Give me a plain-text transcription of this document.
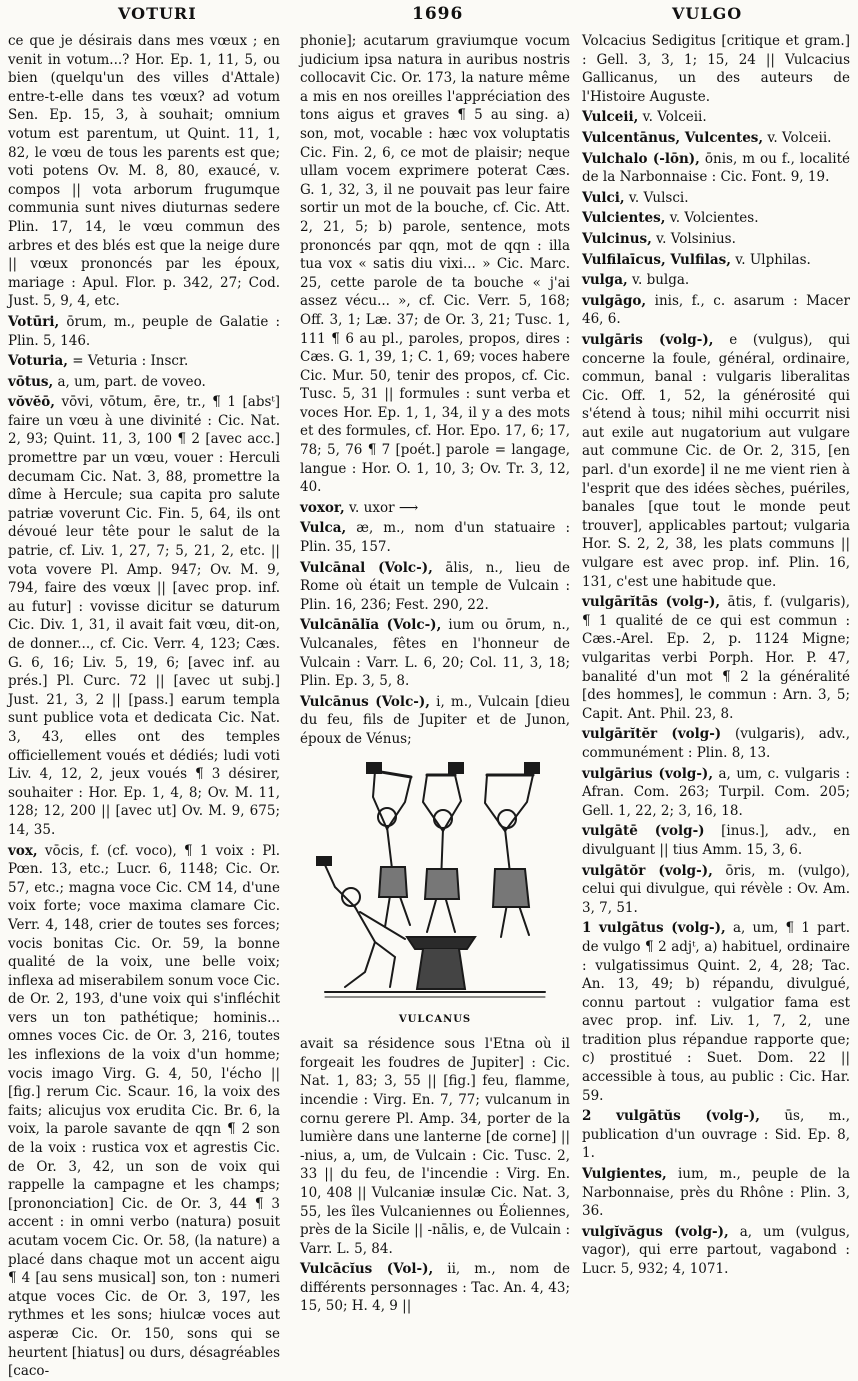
VOTURI	1696	VULGO
ce que je désirais dans mes vœux ; en venit in votum...? Hor. Ep. 1, 11, 5, ou bien (quelqu'un des villes d'Attale) entre-t-elle dans tes vœux? ad votum Sen. Ep. 15, 3, à souhait; omnium votum est parentum, ut Quint. 11, 1, 82, le vœu de tous les parents est que; voti potens Ov. M. 8, 80, exaucé, v. compos || vota arborum frugumque communia sunt nives diuturnas sedere Plin. 17, 14, le vœu commun des arbres et des blés est que la neige dure || vœux prononcés par les époux, mariage : Apul. Flor. p. 342, 27; Cod. Just. 5, 9, 4, etc.
Votūri, ōrum, m., peuple de Galatie : Plin. 5, 146.
Voturia, = Veturia : Inscr.
vōtus, a, um, part. de voveo.
vŏvĕō, vōvi, vōtum, ēre, tr., ¶ 1 [absᵗ] faire un vœu à une divinité : Cic. Nat. 2, 93; Quint. 11, 3, 100 ¶ 2 [avec acc.] promettre par un vœu, vouer : Herculi decumam Cic. Nat. 3, 88, promettre la dîme à Hercule; sua capita pro salute patriæ voverunt Cic. Fin. 5, 64, ils ont dévoué leur tête pour le salut de la patrie, cf. Liv. 1, 27, 7; 5, 21, 2, etc. || vota vovere Pl. Amp. 947; Ov. M. 9, 794, faire des vœux || [avec prop. inf. au futur] : vovisse dicitur se daturum Cic. Div. 1, 31, il avait fait vœu, dit-on, de donner..., cf. Cic. Verr. 4, 123; Cæs. G. 6, 16; Liv. 5, 19, 6; [avec inf. au prés.] Pl. Curc. 72 || [avec ut subj.] Just. 21, 3, 2 || [pass.] earum templa sunt publice vota et dedicata Cic. Nat. 3, 43, elles ont des temples officiellement voués et dédiés; ludi voti Liv. 4, 12, 2, jeux voués ¶ 3 désirer, souhaiter : Hor. Ep. 1, 4, 8; Ov. M. 11, 128; 12, 200 || [avec ut] Ov. M. 9, 675; 14, 35.
vox, vōcis, f. (cf. voco), ¶ 1 voix : Pl. Pœn. 13, etc.; Lucr. 6, 1148; Cic. Or. 57, etc.; magna voce Cic. CM 14, d'une voix forte; voce maxima clamare Cic. Verr. 4, 148, crier de toutes ses forces; vocis bonitas Cic. Or. 59, la bonne qualité de la voix, une belle voix; inflexa ad miserabilem sonum voce Cic. de Or. 2, 193, d'une voix qui s'infléchit vers un ton pathétique; hominis... omnes voces Cic. de Or. 3, 216, toutes les inflexions de la voix d'un homme; vocis imago Virg. G. 4, 50, l'écho || [fig.] rerum Cic. Scaur. 16, la voix des faits; alicujus vox erudita Cic. Br. 6, la voix, la parole savante de qqn ¶ 2 son de la voix : rustica vox et agrestis Cic. de Or. 3, 42, un son de voix qui rappelle la campagne et les champs; [prononciation] Cic. de Or. 3, 44 ¶ 3 accent : in omni verbo (natura) posuit acutam vocem Cic. Or. 58, (la nature) a placé dans chaque mot un accent aigu ¶ 4 [au sens musical] son, ton : numeri atque voces Cic. de Or. 3, 197, les rythmes et les sons; hiulcæ voces aut asperæ Cic. Or. 150, sons qui se heurtent [hiatus] ou durs, désagréables [caco-
phonie]; acutarum graviumque vocum judicium ipsa natura in auribus nostris collocavit Cic. Or. 173, la nature même a mis en nos oreilles l'appréciation des tons aigus et graves ¶ 5 au sing. a) son, mot, vocable : hæc vox voluptatis Cic. Fin. 2, 6, ce mot de plaisir; neque ullam vocem exprimere poterat Cæs. G. 1, 32, 3, il ne pouvait pas leur faire sortir un mot de la bouche, cf. Cic. Att. 2, 21, 5; b) parole, sentence, mots prononcés par qqn, mot de qqn : illa tua vox « satis diu vixi... » Cic. Marc. 25, cette parole de ta bouche « j'ai assez vécu... », cf. Cic. Verr. 5, 168; Off. 3, 1; Læ. 37; de Or. 3, 21; Tusc. 1, 111 ¶ 6 au pl., paroles, propos, dires : Cæs. G. 1, 39, 1; C. 1, 69; voces habere Cic. Mur. 50, tenir des propos, cf. Cic. Tusc. 5, 31 || formules : sunt verba et voces Hor. Ep. 1, 1, 34, il y a des mots et des formules, cf. Hor. Epo. 17, 6; 17, 78; 5, 76 ¶ 7 [poét.] parole = langage, langue : Hor. O. 1, 10, 3; Ov. Tr. 3, 12, 40.
voxor, v. uxor ⟶
Vulca, æ, m., nom d'un statuaire : Plin. 35, 157.
Vulcānal (Volc-), ālis, n., lieu de Rome où était un temple de Vulcain : Plin. 16, 236; Fest. 290, 22.
Vulcānālĭa (Volc-), ium ou ōrum, n., Vulcanales, fêtes en l'honneur de Vulcain : Varr. L. 6, 20; Col. 11, 3, 18; Plin. Ep. 3, 5, 8.
Vulcānus (Volc-), i, m., Vulcain [dieu du feu, fils de Jupiter et de Junon, époux de Vénus;
VULCANUS
avait sa résidence sous l'Etna où il forgeait les foudres de Jupiter] : Cic. Nat. 1, 83; 3, 55 || [fig.] feu, flamme, incendie : Virg. En. 7, 77; vulcanum in cornu gerere Pl. Amp. 34, porter de la lumière dans une lanterne [de corne] || -nius, a, um, de Vulcain : Cic. Tusc. 2, 33 || du feu, de l'incendie : Virg. En. 10, 408 || Vulcaniæ insulæ Cic. Nat. 3, 55, les îles Vulcaniennes ou Éoliennes, près de la Sicile || -nālis, e, de Vulcain : Varr. L. 5, 84.
Vulcācĭus (Vol-), ii, m., nom de différents personnages : Tac. An. 4, 43; 15, 50; H. 4, 9 ||
Volcacius Sedigitus [critique et gram.] : Gell. 3, 3, 1; 15, 24 || Vulcacius Gallicanus, un des auteurs de l'Histoire Auguste.
Vulceii, v. Volceii.
Vulcentānus, Vulcentes, v. Volceii.
Vulchalo (-lōn), ōnis, m ou f., localité de la Narbonnaise : Cic. Font. 9, 19.
Vulci, v. Vulsci.
Vulcientes, v. Volcientes.
Vulcinus, v. Volsinius.
Vulfilaīcus, Vulfilas, v. Ulphilas.
vulga, v. bulga.
vulgāgo, inis, f., c. asarum : Macer 46, 6.
vulgāris (volg-), e (vulgus), qui concerne la foule, général, ordinaire, commun, banal : vulgaris liberalitas Cic. Off. 1, 52, la générosité qui s'étend à tous; nihil mihi occurrit nisi aut exile aut nugatorium aut vulgare aut commune Cic. de Or. 2, 315, [en parl. d'un exorde] il ne me vient rien à l'esprit que des idées sèches, puériles, banales [que tout le monde peut trouver], applicables partout; vulgaria Hor. S. 2, 2, 38, les plats communs || vulgare est avec prop. inf. Plin. 16, 131, c'est une habitude que.
vulgārĭtās (volg-), ātis, f. (vulgaris), ¶ 1 qualité de ce qui est commun : Cæs.-Arel. Ep. 2, p. 1124 Migne; vulgaritas verbi Porph. Hor. P. 47, banalité d'un mot ¶ 2 la généralité [des hommes], le commun : Arn. 3, 5; Capit. Ant. Phil. 23, 8.
vulgārĭtĕr (volg-) (vulgaris), adv., communément : Plin. 8, 13.
vulgārius (volg-), a, um, c. vulgaris : Afran. Com. 263; Turpil. Com. 205; Gell. 1, 22, 2; 3, 16, 18.
vulgātē (volg-) [inus.], adv., en divulguant || tius Amm. 15, 3, 6.
vulgātŏr (volg-), ōris, m. (vulgo), celui qui divulgue, qui révèle : Ov. Am. 3, 7, 51.
1 vulgātus (volg-), a, um, ¶ 1 part. de vulgo ¶ 2 adjᵗ, a) habituel, ordinaire : vulgatissimus Quint. 2, 4, 28; Tac. An. 13, 49; b) répandu, divulgué, connu partout : vulgatior fama est avec prop. inf. Liv. 1, 7, 2, une tradition plus répandue rapporte que; c) prostitué : Suet. Dom. 22 || accessible à tous, au public : Cic. Har. 59.
2 vulgātŭs (volg-), ūs, m., publication d'un ouvrage : Sid. Ep. 8, 1.
Vulgientes, ium, m., peuple de la Narbonnaise, près du Rhône : Plin. 3, 36.
vulgĭvăgus (volg-), a, um (vulgus, vagor), qui erre partout, vagabond : Lucr. 5, 932; 4, 1071.
